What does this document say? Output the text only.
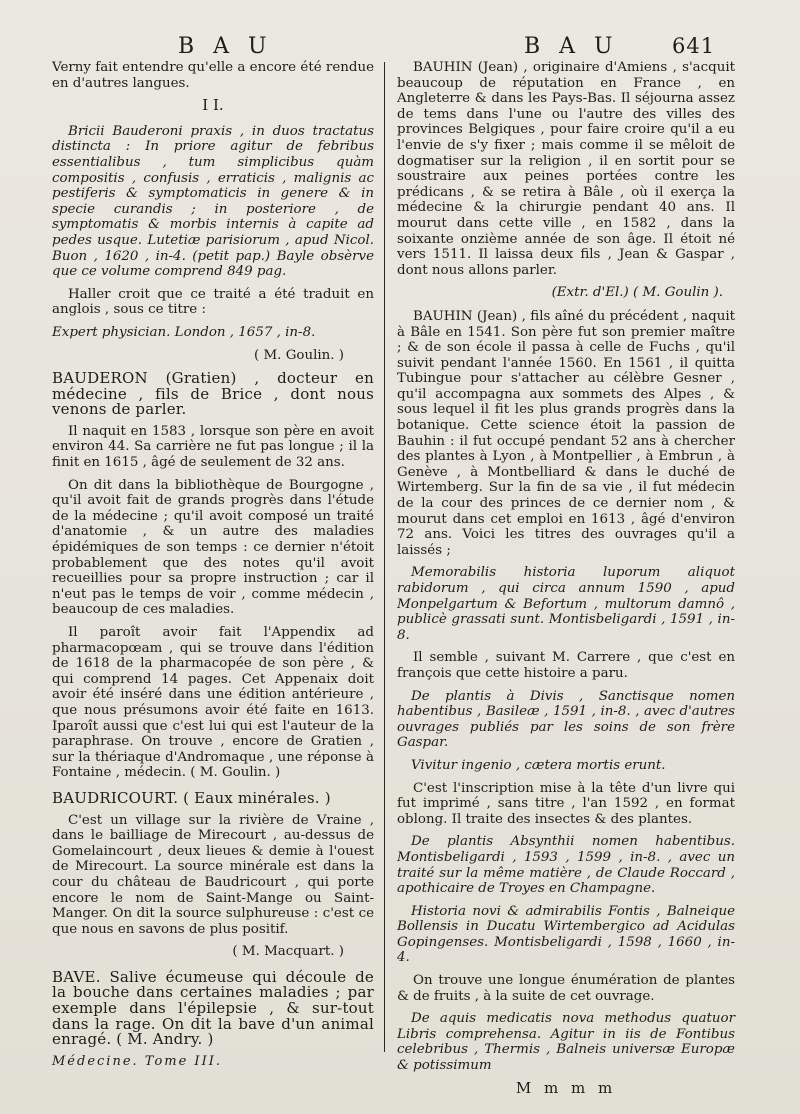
B A U	B A U	641

Verny fait entendre qu'elle a encore été rendue en d'autres langues.

I I.

Bricii Bauderoni praxis , in duos tractatus distincta : In priore agitur de febribus essentialibus , tum simplicibus quàm compositis , confusis , erraticis , malignis ac pestiferis & symptomaticis in genere & in specie curandis ; in posteriore , de symptomatis & morbis internis à capite ad pedes usque. Lutetiæ parisiorum , apud Nicol. Buon , 1620 , in-4. (petit pap.) Bayle obsèrve que ce volume comprend 849 pag.

Haller croit que ce traité a été traduit en anglois , sous ce titre :

Expert physician. London , 1657 , in-8.

( M. Goulin. )

BAUDERON (Gratien) , docteur en médecine , fils de Brice , dont nous venons de parler.

Il naquit en 1583 , lorsque son père en avoit environ 44. Sa carrière ne fut pas longue ; il la finit en 1615 , âgé de seulement de 32 ans.

On dit dans la bibliothèque de Bourgogne , qu'il avoit fait de grands progrès dans l'étude de la médecine ; qu'il avoit composé un traité d'anatomie , & un autre des maladies épidémiques de son temps : ce dernier n'étoit probablement que des notes qu'il avoit recueillies pour sa propre instruction ; car il n'eut pas le temps de voir , comme médecin , beaucoup de ces maladies.

Il paroît avoir fait l'Appendix ad pharmacopœam , qui se trouve dans l'édition de 1618 de la pharmacopée de son père , & qui comprend 14 pages. Cet Appenaix doit avoir été inséré dans une édition antérieure , que nous présumons avoir été faite en 1613. Iparoît aussi que c'est lui qui est l'auteur de la paraphrase. On trouve , encore de Gratien , sur la thériaque d'Andromaque , une réponse à Fontaine , médecin. ( M. Goulin. )

BAUDRICOURT. ( Eaux minérales. )

C'est un village sur la rivière de Vraine , dans le bailliage de Mirecourt , au-dessus de Gomelaincourt , deux lieues & demie à l'ouest de Mirecourt. La source minérale est dans la cour du château de Baudricourt , qui porte encore le nom de Saint-Mange ou Saint-Manger. On dit la source sulphureuse : c'est ce que nous en savons de plus positif.

( M. Macquart. )

BAVE. Salive écumeuse qui découle de la bouche dans certaines maladies ; par exemple dans l'épilepsie , & sur-tout dans la rage. On dit la bave d'un animal enragé. ( M. Andry. )

Médecine. Tome III.

BAUHIN (Jean) , originaire d'Amiens , s'acquit beaucoup de réputation en France , en Angleterre & dans les Pays-Bas. Il séjourna assez de tems dans l'une ou l'autre des villes des provinces Belgiques , pour faire croire qu'il a eu l'envie de s'y fixer ; mais comme il se mêloit de dogmatiser sur la religion , il en sortit pour se soustraire aux peines portées contre les prédicans , & se retira à Bâle , où il exerça la médecine & la chirurgie pendant 40 ans. Il mourut dans cette ville , en 1582 , dans la soixante onzième année de son âge. Il étoit né vers 1511. Il laissa deux fils , Jean & Gaspar , dont nous allons parler.

(Extr. d'El.) ( M. Goulin ).

BAUHIN (Jean) , fils aîné du précédent , naquit à Bâle en 1541. Son père fut son premier maître ; & de son école il passa à celle de Fuchs , qu'il suivit pendant l'année 1560. En 1561 , il quitta Tubingue pour s'attacher au célèbre Gesner , qu'il accompagna aux sommets des Alpes , & sous lequel il fit les plus grands progrès dans la botanique. Cette science étoit la passion de Bauhin : il fut occupé pendant 52 ans à chercher des plantes à Lyon , à Montpellier , à Embrun , à Genève , à Montbelliard & dans le duché de Wirtemberg. Sur la fin de sa vie , il fut médecin de la cour des princes de ce dernier nom , & mourut dans cet emploi en 1613 , âgé d'environ 72 ans. Voici les titres des ouvrages qu'il a laissés ;

Memorabilis historia luporum aliquot rabidorum , qui circa annum 1590 , apud Monpelgartum & Befortum , multorum damnô , publicè grassati sunt. Montisbeligardi , 1591 , in-8.

Il semble , suivant M. Carrere , que c'est en françois que cette histoire a paru.

De plantis à Divis , Sanctisque nomen habentibus , Basileæ , 1591 , in-8. , avec d'autres ouvrages publiés par les soins de son frère Gaspar.

Vivitur ingenio , cætera mortis erunt.

C'est l'inscription mise à la tête d'un livre qui fut imprimé , sans titre , l'an 1592 , en format oblong. Il traite des insectes & des plantes.

De plantis Absynthii nomen habentibus. Montisbeligardi , 1593 , 1599 , in-8. , avec un traité sur la même matière , de Claude Roccard , apothicaire de Troyes en Champagne.

Historia novi & admirabilis Fontis , Balneique Bollensis in Ducatu Wirtembergico ad Acidulas Gopingenses. Montisbeligardi , 1598 , 1660 , in-4.

On trouve une longue énumération de plantes & de fruits , à la suite de cet ouvrage.

De aquis medicatis nova methodus quatuor Libris comprehensa. Agitur in iis de Fontibus celebribus , Thermis , Balneis universæ Europæ & potissimum

M m m m
